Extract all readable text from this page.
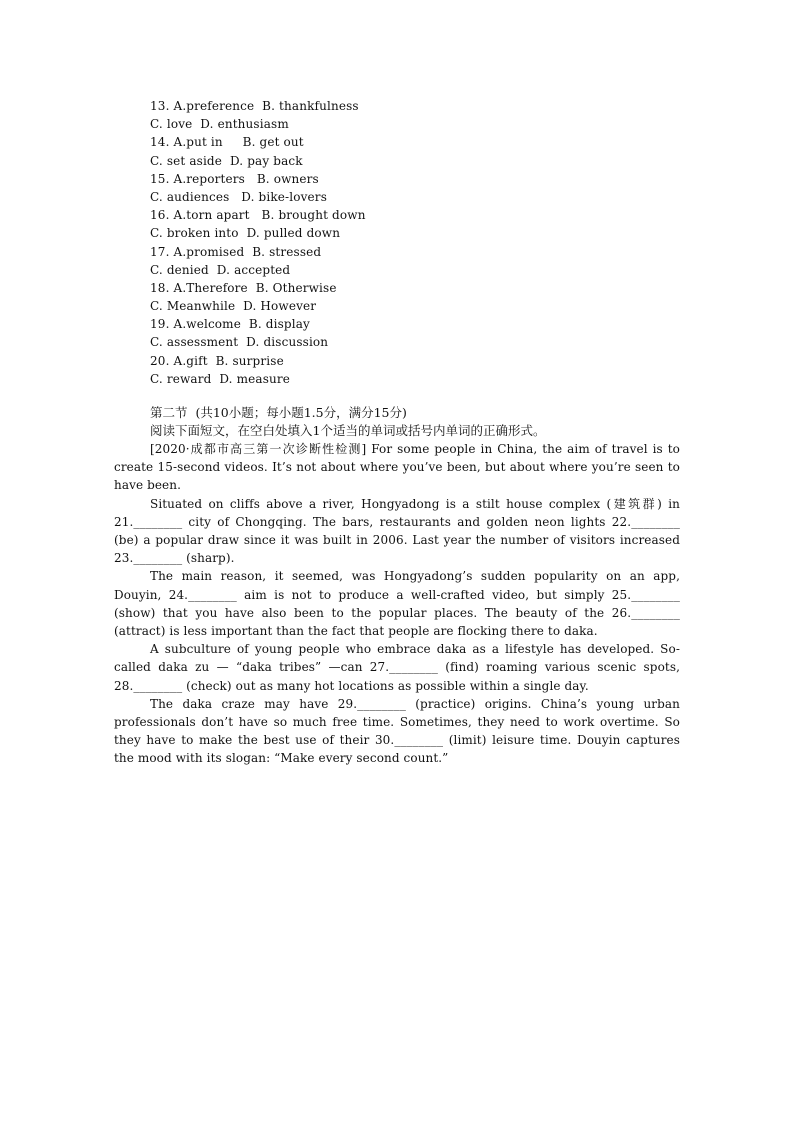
13. A.preference  B. thankfulness
C. love  D. enthusiasm
14. A.put in     B. get out
C. set aside  D. pay back
15. A.reporters   B. owners
C. audiences   D. bike-lovers
16. A.torn apart   B. brought down
C. broken into  D. pulled down
17. A.promised  B. stressed
C. denied  D. accepted
18. A.Therefore  B. Otherwise
C. Meanwhile  D. However
19. A.welcome  B. display
C. assessment  D. discussion
20. A.gift  B. surprise
C. reward  D. measure
第二节  (共10小题；每小题1.5分，满分15分)
阅读下面短文，在空白处填入1个适当的单词或括号内单词的正确形式。

[2020·成都市高三第一次诊断性检测] For some people in China, the aim of travel is to create 15-second videos. It’s not about where you’ve been, but about where you’re seen to have been.

Situated on cliffs above a river, Hongyadong is a stilt house complex (建筑群) in 21.________ city of Chongqing. The bars, restaurants and golden neon lights 22.________ (be) a popular draw since it was built in 2006. Last year the number of visitors increased 23.________ (sharp).

The main reason, it seemed, was Hongyadong’s sudden popularity on an app, Douyin, 24.________ aim is not to produce a well-crafted video, but simply 25.________ (show) that you have also been to the popular places. The beauty of the 26.________ (attract) is less important than the fact that people are flocking there to daka.

A subculture of young people who embrace daka as a lifestyle has developed. So-called daka zu — “daka tribes” —can 27.________ (find) roaming various scenic spots, 28.________ (check) out as many hot locations as possible within a single day.

The daka craze may have 29.________ (practice) origins. China’s young urban professionals don’t have so much free time. Sometimes, they need to work overtime. So they have to make the best use of their 30.________ (limit) leisure time. Douyin captures the mood with its slogan: “Make every second count.”
